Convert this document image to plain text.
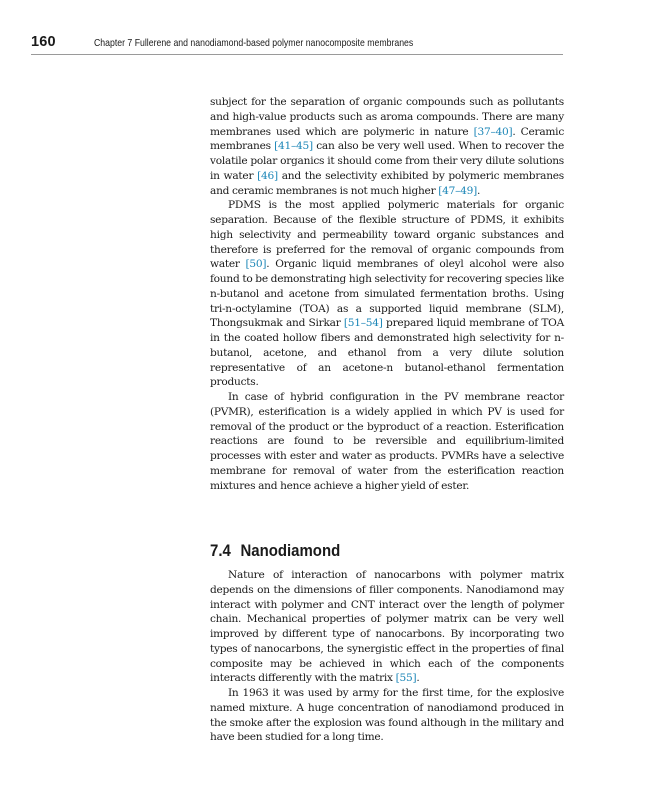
160	Chapter 7 Fullerene and nanodiamond-based polymer nanocomposite membranes

subject for the separation of organic compounds such as pollutants and high-value products such as aroma compounds. There are many membranes used which are polymeric in nature [37–40]. Ceramic membranes [41–45] can also be very well used. When to recover the volatile polar organics it should come from their very dilute solutions in water [46] and the selectivity exhibited by polymeric membranes and ceramic membranes is not much higher [47–49].

PDMS is the most applied polymeric materials for organic separation. Because of the flexible structure of PDMS, it exhibits high selectivity and permeability toward organic substances and therefore is preferred for the removal of organic compounds from water [50]. Organic liquid membranes of oleyl alcohol were also found to be demonstrating high selectivity for recovering species like n-butanol and acetone from simulated fermentation broths. Using tri-n-octylamine (TOA) as a supported liquid membrane (SLM), Thongsukmak and Sirkar [51–54] prepared liquid membrane of TOA in the coated hollow fibers and demonstrated high selectivity for n-butanol, acetone, and ethanol from a very dilute solution representative of an acetone-n butanol-ethanol fermentation products.

In case of hybrid configuration in the PV membrane reactor (PVMR), esterification is a widely applied in which PV is used for removal of the product or the byproduct of a reaction. Esterification reactions are found to be reversible and equilibrium-limited processes with ester and water as products. PVMRs have a selective membrane for removal of water from the esterification reaction mixtures and hence achieve a higher yield of ester.

7.4 Nanodiamond

Nature of interaction of nanocarbons with polymer matrix depends on the dimensions of filler components. Nanodiamond may interact with polymer and CNT interact over the length of polymer chain. Mechanical properties of polymer matrix can be very well improved by different type of nanocarbons. By incorporating two types of nanocarbons, the synergistic effect in the properties of final composite may be achieved in which each of the components interacts differently with the matrix [55].

In 1963 it was used by army for the first time, for the explosive named mixture. A huge concentration of nanodiamond produced in the smoke after the explosion was found although in the military and have been studied for a long time.
